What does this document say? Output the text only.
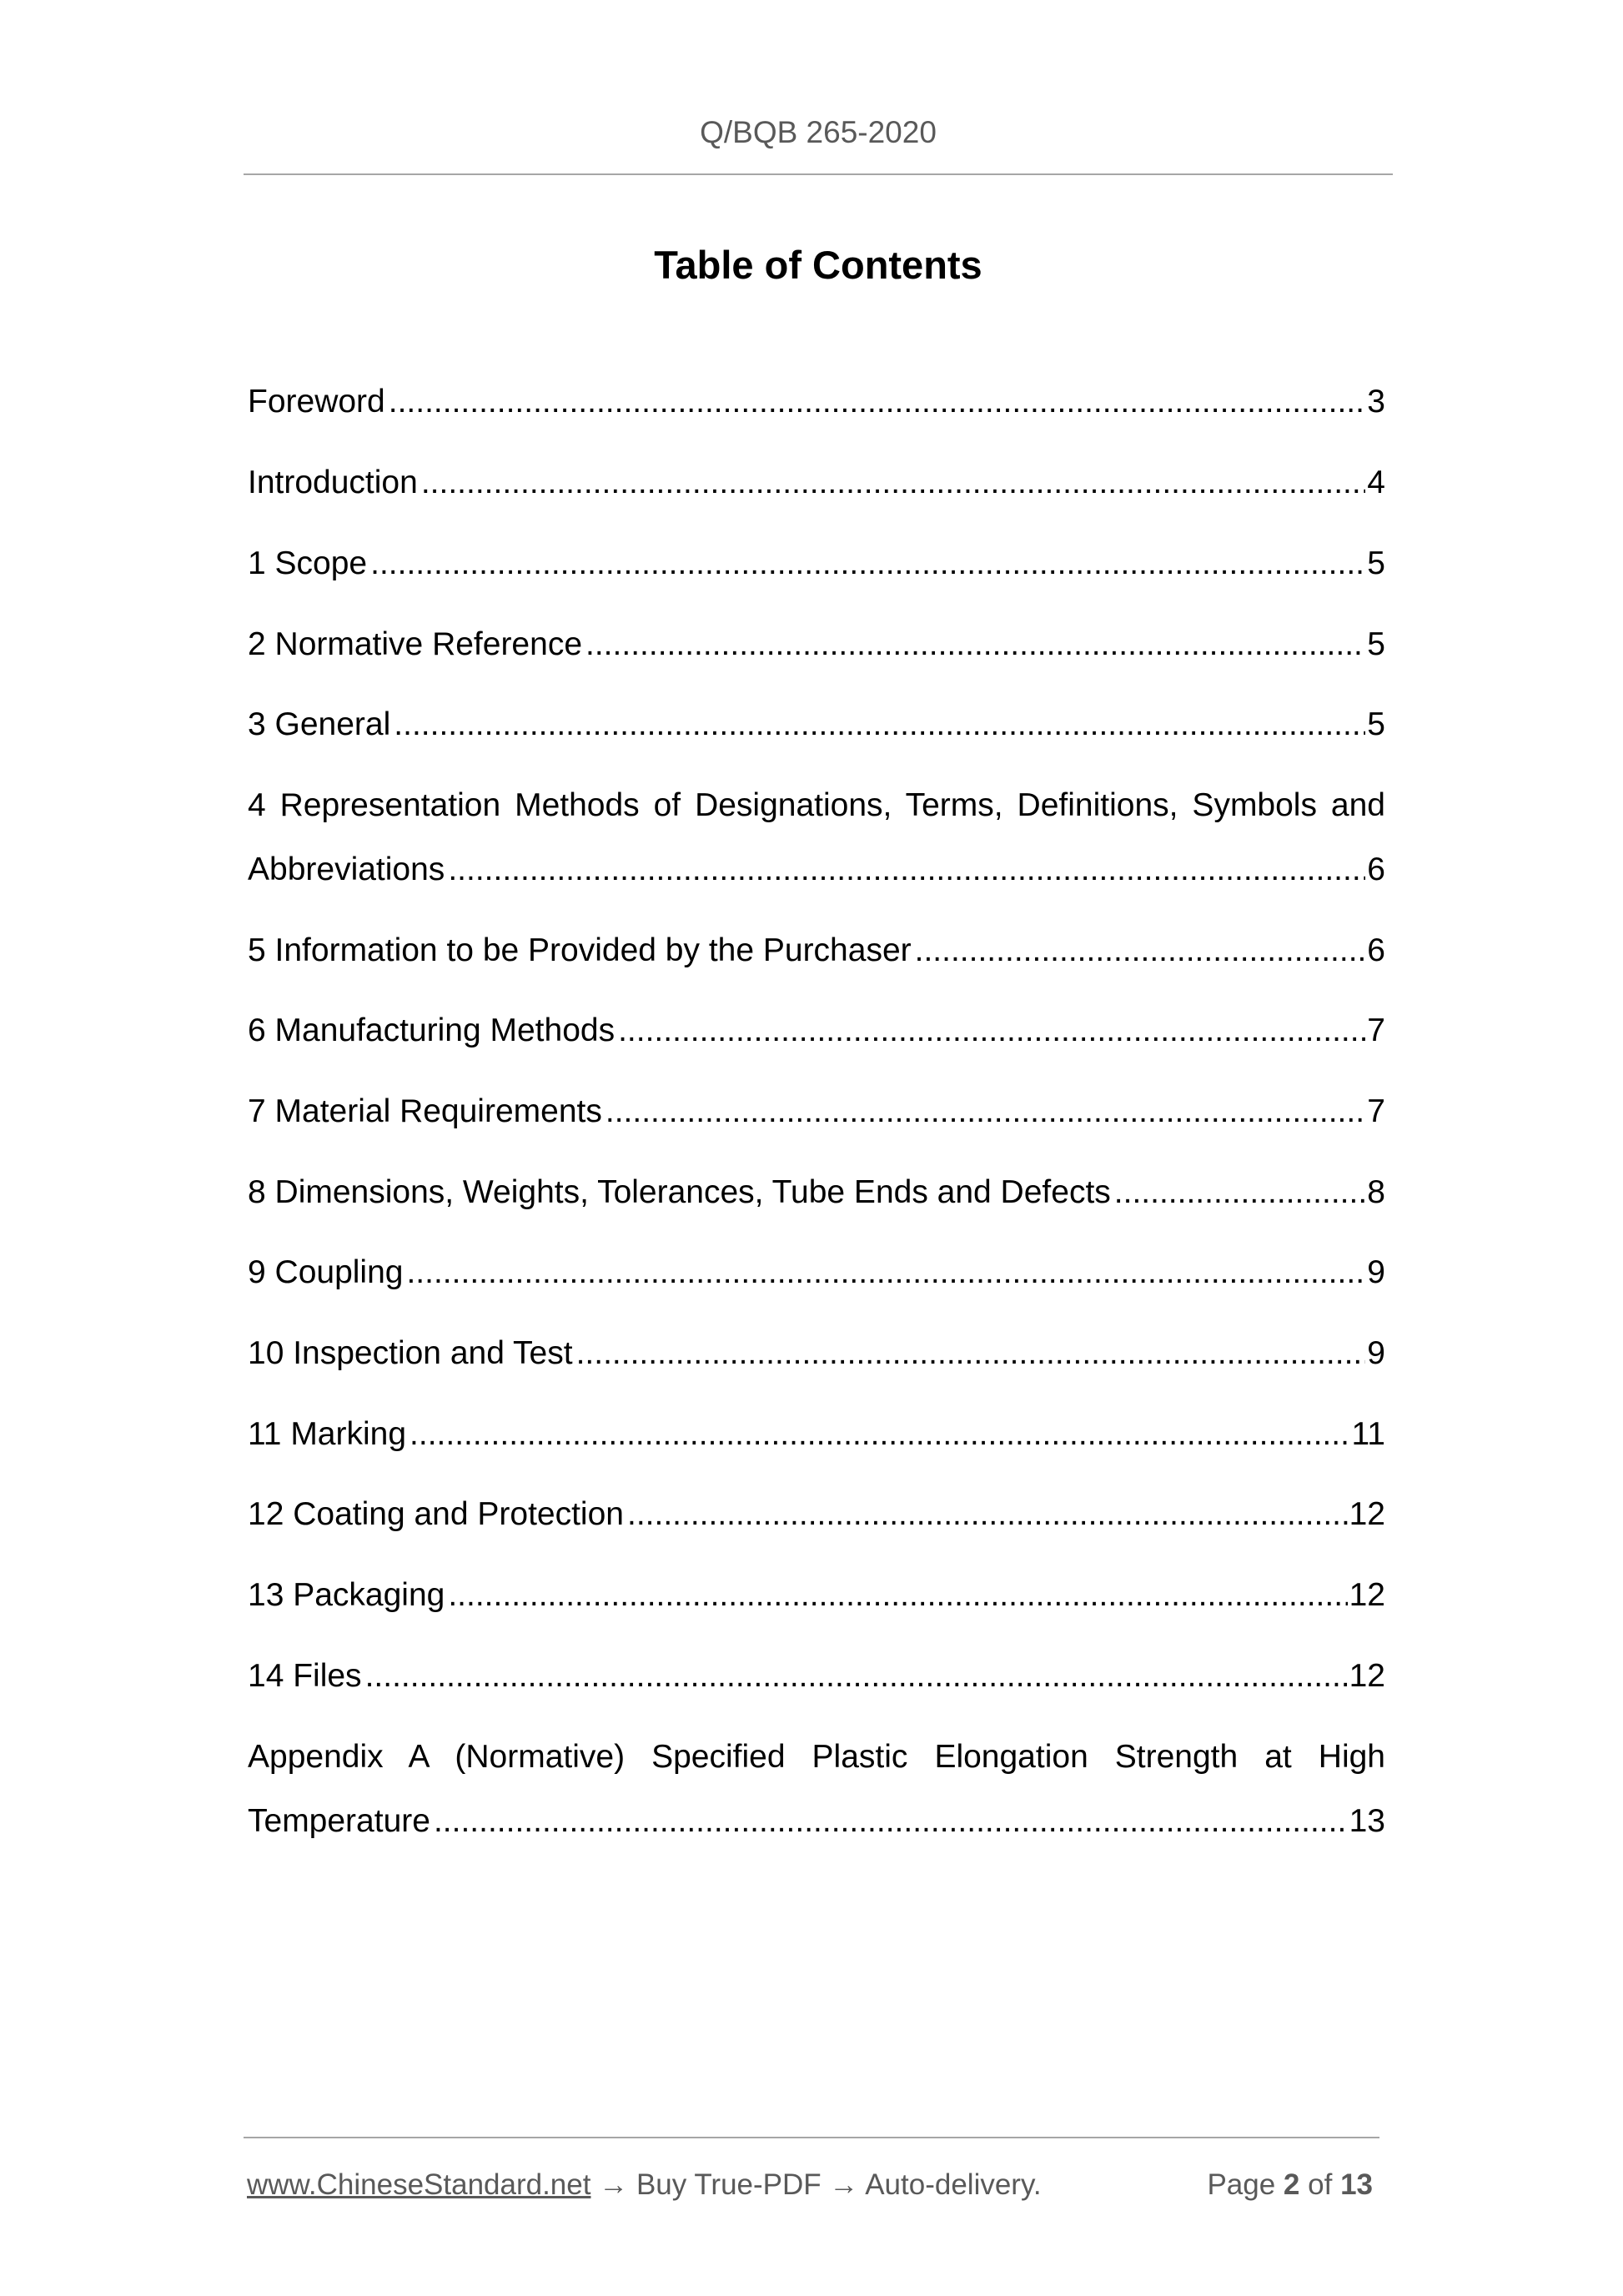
Q/BQB 265-2020
Table of Contents
Foreword .....	3
Introduction .....	4
1 Scope .....	5
2 Normative Reference .....	5
3 General .....	5
4 Representation Methods of Designations, Terms, Definitions, Symbols and
Abbreviations .....	6
5 Information to be Provided by the Purchaser .....	6
6 Manufacturing Methods .....	7
7 Material Requirements .....	7
8 Dimensions, Weights, Tolerances, Tube Ends and Defects .....	8
9 Coupling .....	9
10 Inspection and Test .....	9
11 Marking .....	11
12 Coating and Protection .....	12
13 Packaging .....	12
14 Files .....	12
Appendix A (Normative) Specified Plastic Elongation Strength at High
Temperature .....	13
www.ChineseStandard.net → Buy True-PDF → Auto-delivery.	Page 2 of 13
